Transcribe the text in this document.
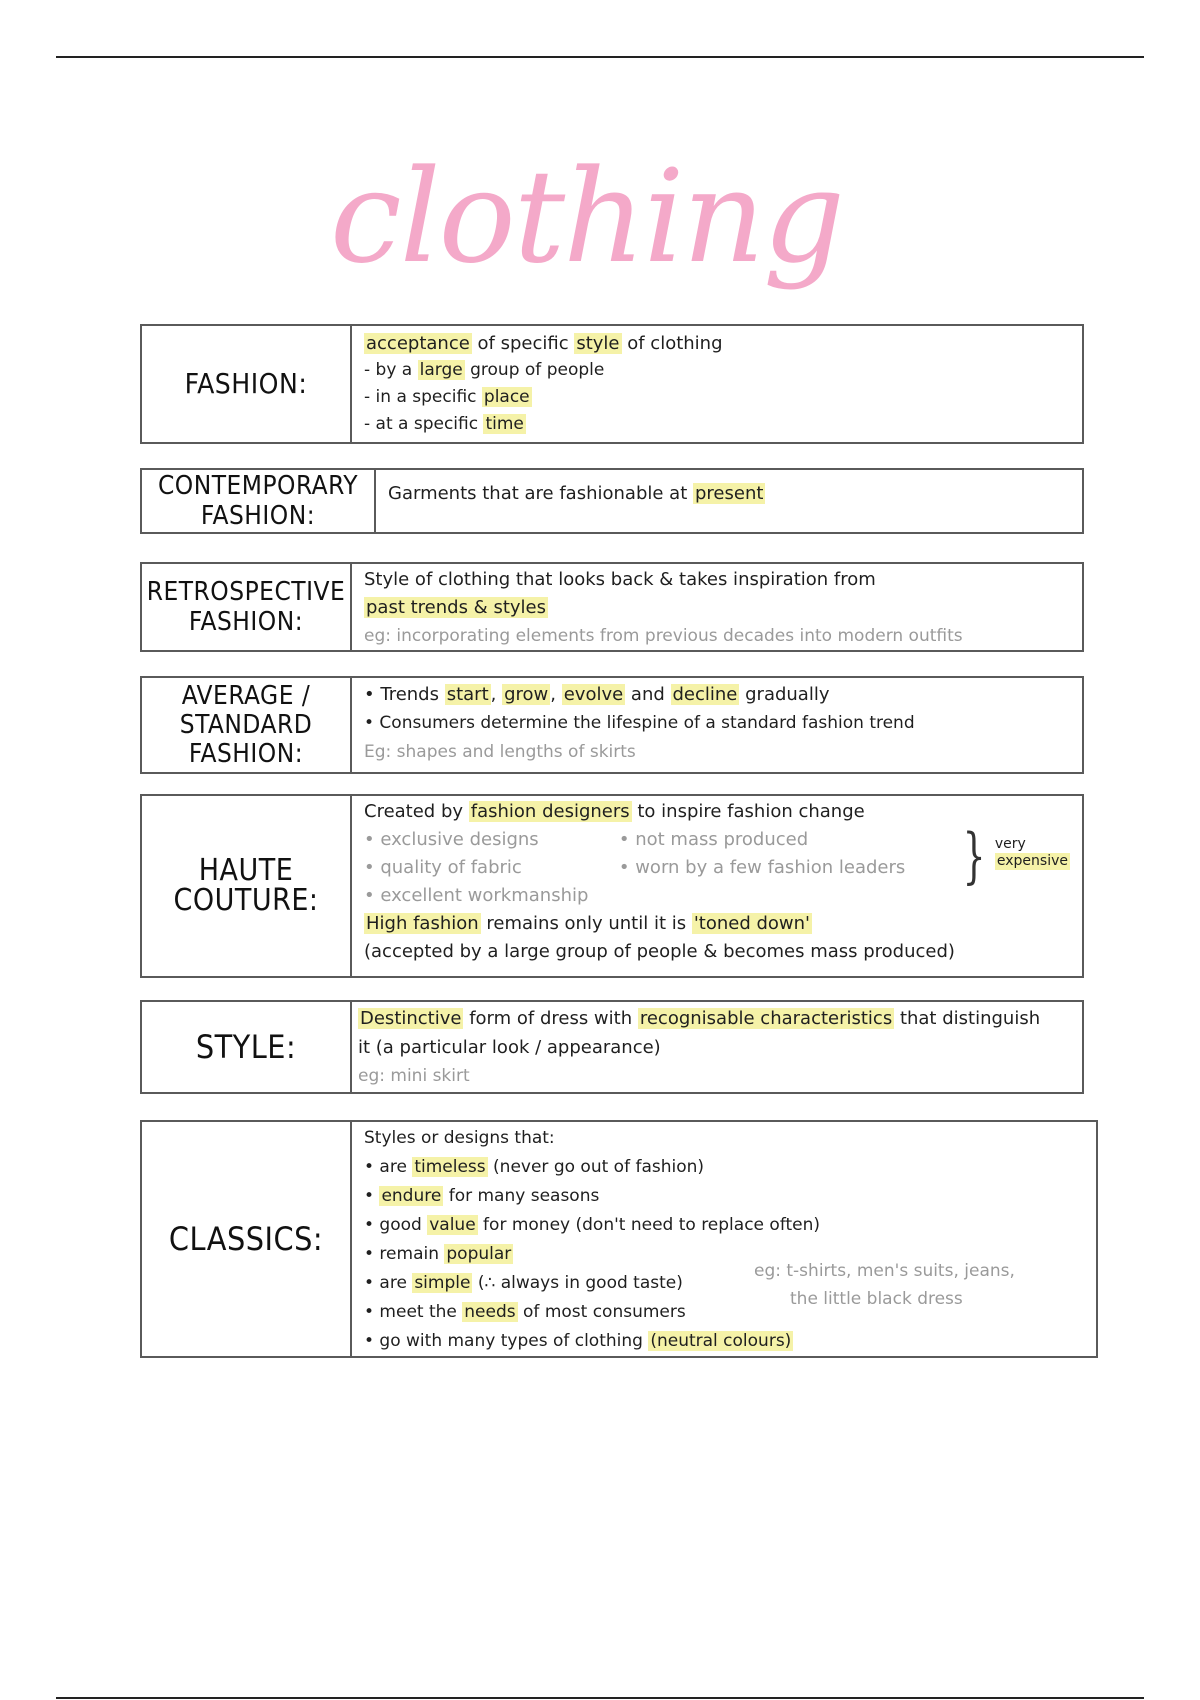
clothing
FASHION:
acceptance of specific style of clothing
- by a large group of people
- in a specific place
- at a specific time
CONTEMPORARY
FASHION:
Garments that are fashionable at present
RETROSPECTIVE
FASHION:
Style of clothing that looks back & takes inspiration from
past trends & styles
eg: incorporating elements from previous decades into modern outfits
AVERAGE /
STANDARD
FASHION:
• Trends start , grow , evolve and decline gradually
• Consumers determine the lifespine of a standard fashion trend
Eg: shapes and lengths of skirts
HAUTE
COUTURE:
Created by fashion designers to inspire fashion change
• exclusive designs
• quality of fabric
• excellent workmanship
• not mass produced
• worn by a few fashion leaders } very
expensive
High fashion remains only until it is 'toned down'
(accepted by a large group of people & becomes mass produced)
STYLE:
Destinctive form of dress with recognisable characteristics that distinguish
it (a particular look / appearance)
eg: mini skirt
CLASSICS:
Styles or designs that:
• are timeless (never go out of fashion)
• endure for many seasons
• good value for money (don't need to replace often)
• remain popular
• are simple (∴ always in good taste)
• meet the needs of most consumers
• go with many types of clothing (neutral colours)
eg: t-shirts, men's suits, jeans,
the little black dress
